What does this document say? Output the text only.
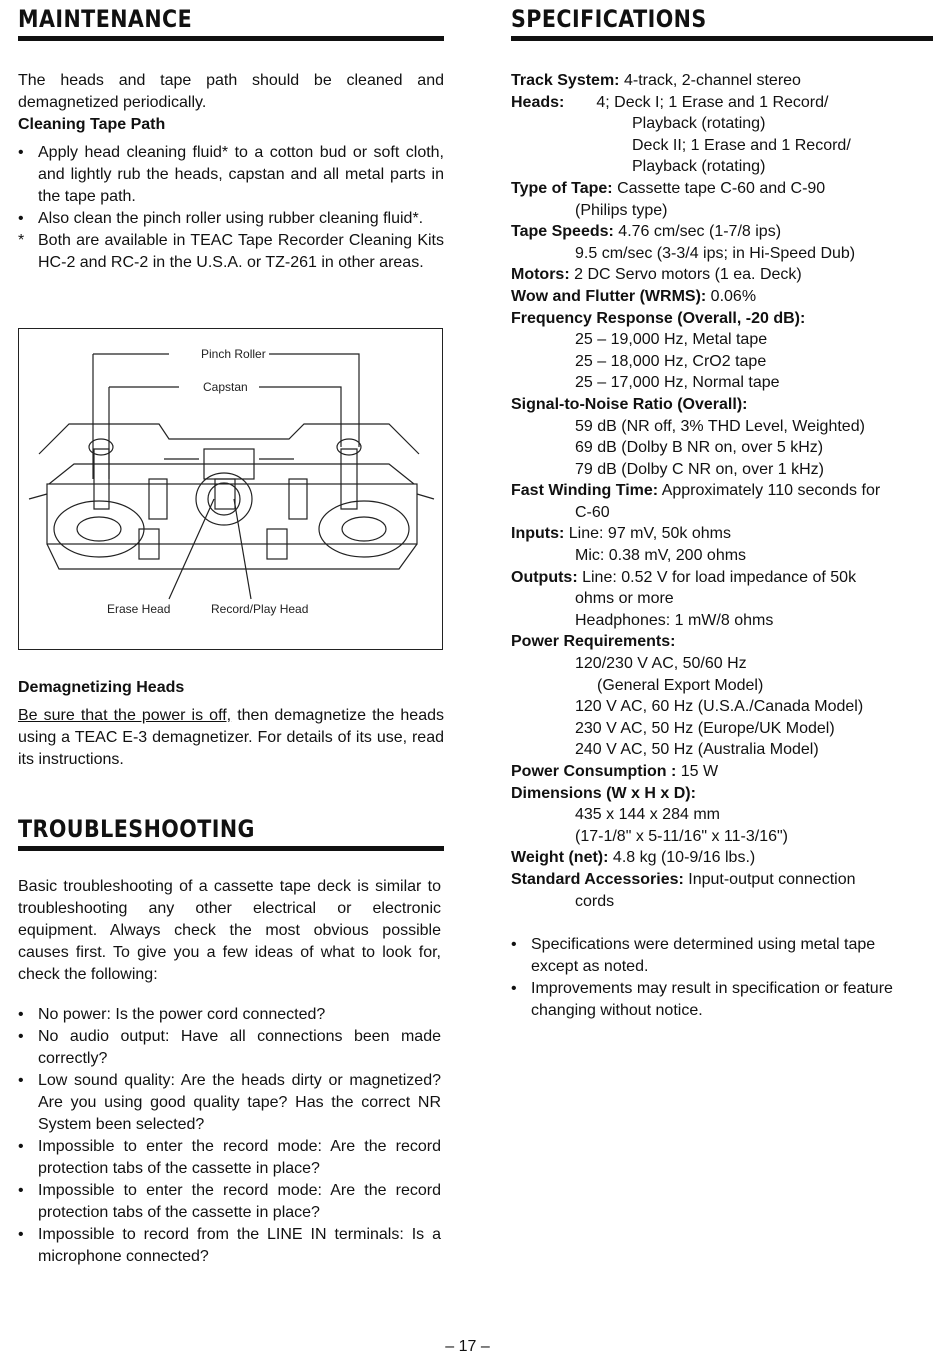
MAINTENANCE

The heads and tape path should be cleaned and demagnetized periodically.

Cleaning Tape Path

• Apply head cleaning fluid* to a cotton bud or soft cloth, and lightly rub the heads, capstan and all metal parts in the tape path.
• Also clean the pinch roller using rubber cleaning fluid*.
* Both are available in TEAC Tape Recorder Cleaning Kits HC-2 and RC-2 in the U.S.A. or TZ-261 in other areas.
Pinch Roller
Capstan
Erase Head	Record/Play Head

Demagnetizing Heads

Be sure that the power is off, then demagnetize the heads using a TEAC E-3 demagnetizer. For details of its use, read its instructions.

TROUBLESHOOTING

Basic troubleshooting of a cassette tape deck is similar to troubleshooting any other electrical or electronic equipment. Always check the most obvious possible causes first. To give you a few ideas of what to look for, check the following:

• No power: Is the power cord connected?
• No audio output: Have all connections been made correctly?
• Low sound quality: Are the heads dirty or magnetized? Are you using good quality tape? Has the correct NR System been selected?
• Impossible to enter the record mode: Are the record protection tabs of the cassette in place?
• Impossible to enter the record mode: Are the record protection tabs of the cassette in place?
• Impossible to record from the LINE IN terminals: Is a microphone connected?
SPECIFICATIONS
Track System: 4-track, 2-channel stereo
Heads: 4; Deck I; 1 Erase and 1 Record/
Playback (rotating)
Deck II; 1 Erase and 1 Record/
Playback (rotating)
Type of Tape: Cassette tape C-60 and C-90
(Philips type)
Tape Speeds: 4.76 cm/sec (1-7/8 ips)
9.5 cm/sec (3-3/4 ips; in Hi-Speed Dub)
Motors: 2 DC Servo motors (1 ea. Deck)
Wow and Flutter (WRMS): 0.06%
Frequency Response (Overall, -20 dB):
25 – 19,000 Hz, Metal tape
25 – 18,000 Hz, CrO2 tape
25 – 17,000 Hz, Normal tape
Signal-to-Noise Ratio (Overall):
59 dB (NR off, 3% THD Level, Weighted)
69 dB (Dolby B NR on, over 5 kHz)
79 dB (Dolby C NR on, over 1 kHz)
Fast Winding Time: Approximately 110 seconds for
C-60
Inputs: Line: 97 mV, 50k ohms
Mic: 0.38 mV, 200 ohms
Outputs: Line: 0.52 V for load impedance of 50k
ohms or more
Headphones: 1 mW/8 ohms
Power Requirements:
120/230 V AC, 50/60 Hz
(General Export Model)
120 V AC, 60 Hz (U.S.A./Canada Model)
230 V AC, 50 Hz (Europe/UK Model)
240 V AC, 50 Hz (Australia Model)
Power Consumption : 15 W
Dimensions (W x H x D):
435 x 144 x 284 mm
(17-1/8" x 5-11/16" x 11-3/16")
Weight (net): 4.8 kg (10-9/16 lbs.)
Standard Accessories: Input-output connection
cords
• Specifications were determined using metal tape except as noted.
• Improvements may result in specification or feature changing without notice.
– 17 –
